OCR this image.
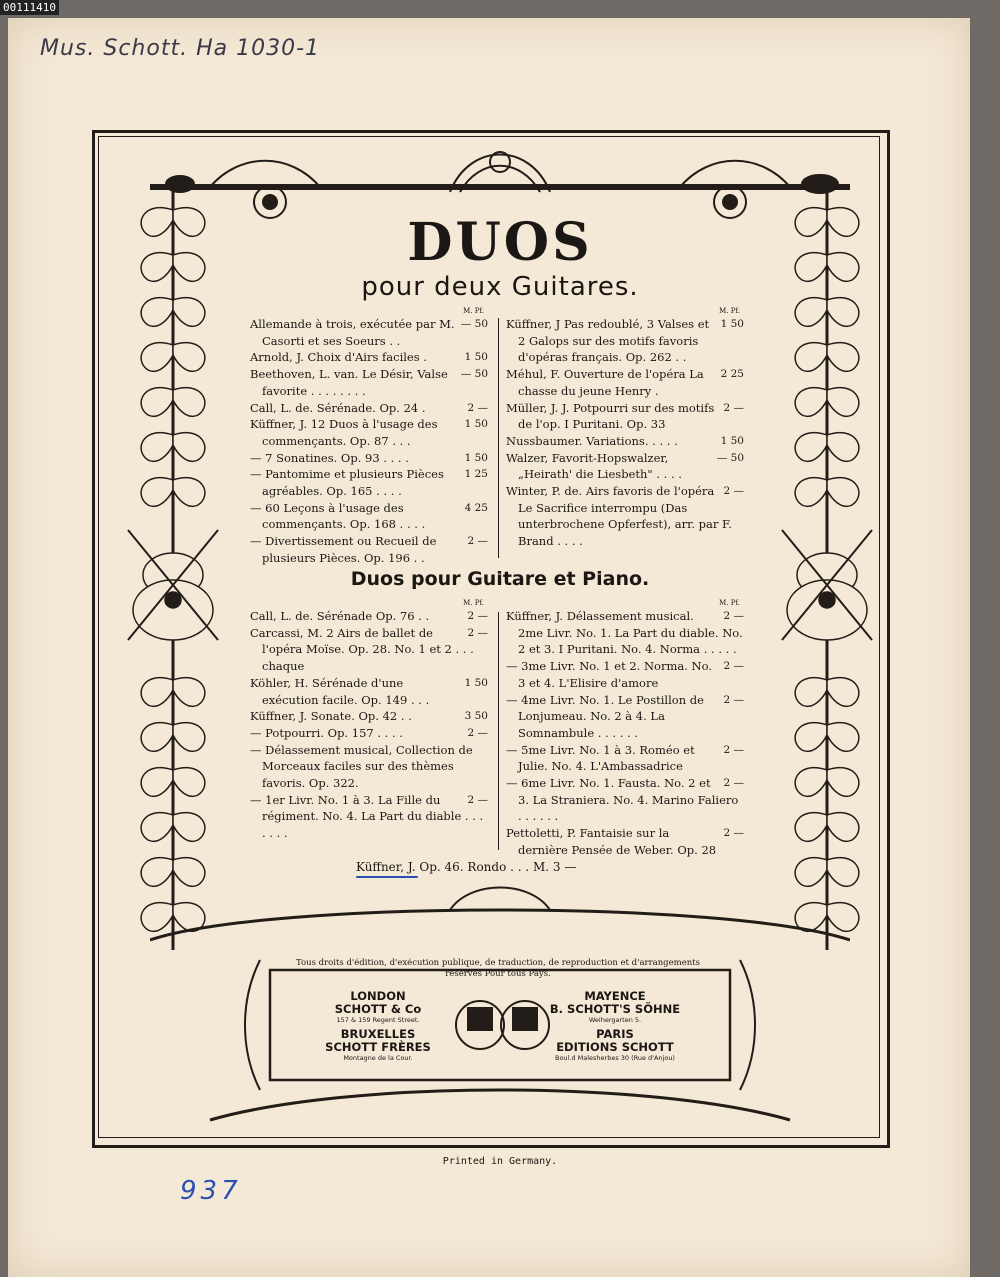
00111410
Mus. Schott. Ha 1030-1
937
DUOS
pour deux Guitares.
M. Pf.
— 50
Allemande à trois, exécutée par M. Casorti et ses Soeurs . .
1 50
Arnold, J. Choix d'Airs faciles .
— 50
Beethoven, L. van. Le Désir, Valse favorite . . . . . . . .
2 —
Call, L. de. Sérénade. Op. 24 .
1 50
Küffner, J. 12 Duos à l'usage des commençants. Op. 87 . . .
1 50
— 7 Sonatines. Op. 93 . . . .
1 25
— Pantomime et plusieurs Pièces agréables. Op. 165 . . . .
4 25
— 60 Leçons à l'usage des commençants. Op. 168 . . . .
2 —
— Divertissement ou Recueil de plusieurs Pièces. Op. 196 . .
M. Pf.
1 50
Küffner, J Pas redoublé, 3 Valses et 2 Galops sur des motifs favoris d'opéras français. Op. 262 . .
2 25
Méhul, F. Ouverture de l'opéra La chasse du jeune Henry .
2 —
Müller, J. J. Potpourri sur des motifs de l'op. I Puritani. Op. 33
1 50
Nussbaumer. Variations. . . . .
— 50
Walzer, Favorit-Hopswalzer, „Heirath' die Liesbeth" . . . .
2 —
Winter, P. de. Airs favoris de l'opéra Le Sacrifice interrompu (Das unterbrochene Opferfest), arr. par F. Brand . . . .
Duos pour Guitare et Piano.
M. Pf.
2 —
Call, L. de. Sérénade Op. 76 . .
2 —
Carcassi, M. 2 Airs de ballet de l'opéra Moïse. Op. 28. No. 1 et 2 . . . chaque
1 50
Köhler, H. Sérénade d'une exécution facile. Op. 149 . . .
3 50
Küffner, J. Sonate. Op. 42 . .
2 —
— Potpourri. Op. 157 . . . .
— Délassement musical, Collection de Morceaux faciles sur des thèmes favoris. Op. 322.
2 —
— 1er Livr. No. 1 à 3. La Fille du régiment. No. 4. La Part du diable . . . . . . .
M. Pf.
2 —
Küffner, J. Délassement musical. 2me Livr. No. 1. La Part du diable. No. 2 et 3. I Puritani. No. 4. Norma . . . . .
2 —
— 3me Livr. No. 1 et 2. Norma. No. 3 et 4. L'Elisire d'amore
2 —
— 4me Livr. No. 1. Le Postillon de Lonjumeau. No. 2 à 4. La Somnambule . . . . . .
2 —
— 5me Livr. No. 1 à 3. Roméo et Julie. No. 4. L'Ambassadrice
2 —
— 6me Livr. No. 1. Fausta. No. 2 et 3. La Straniera. No. 4. Marino Faliero . . . . . .
2 —
Pettoletti, P. Fantaisie sur la dernière Pensée de Weber. Op. 28
Küffner, J. Op. 46. Rondo . . . M. 3 —
Tous droits d'édition, d'exécution publique, de traduction, de reproduction et d'arrangements réservés Pour tous Pays.
LONDON
SCHOTT & Co
157 & 159 Regent Street.
MAYENCE
B. SCHOTT'S SÖHNE
Weihergarten 5.
BRUXELLES
SCHOTT FRÈRES
Montagne de la Cour.
PARIS
EDITIONS SCHOTT
Boul.d Malesherbes 30 (Rue d'Anjou)
Printed in Germany.
